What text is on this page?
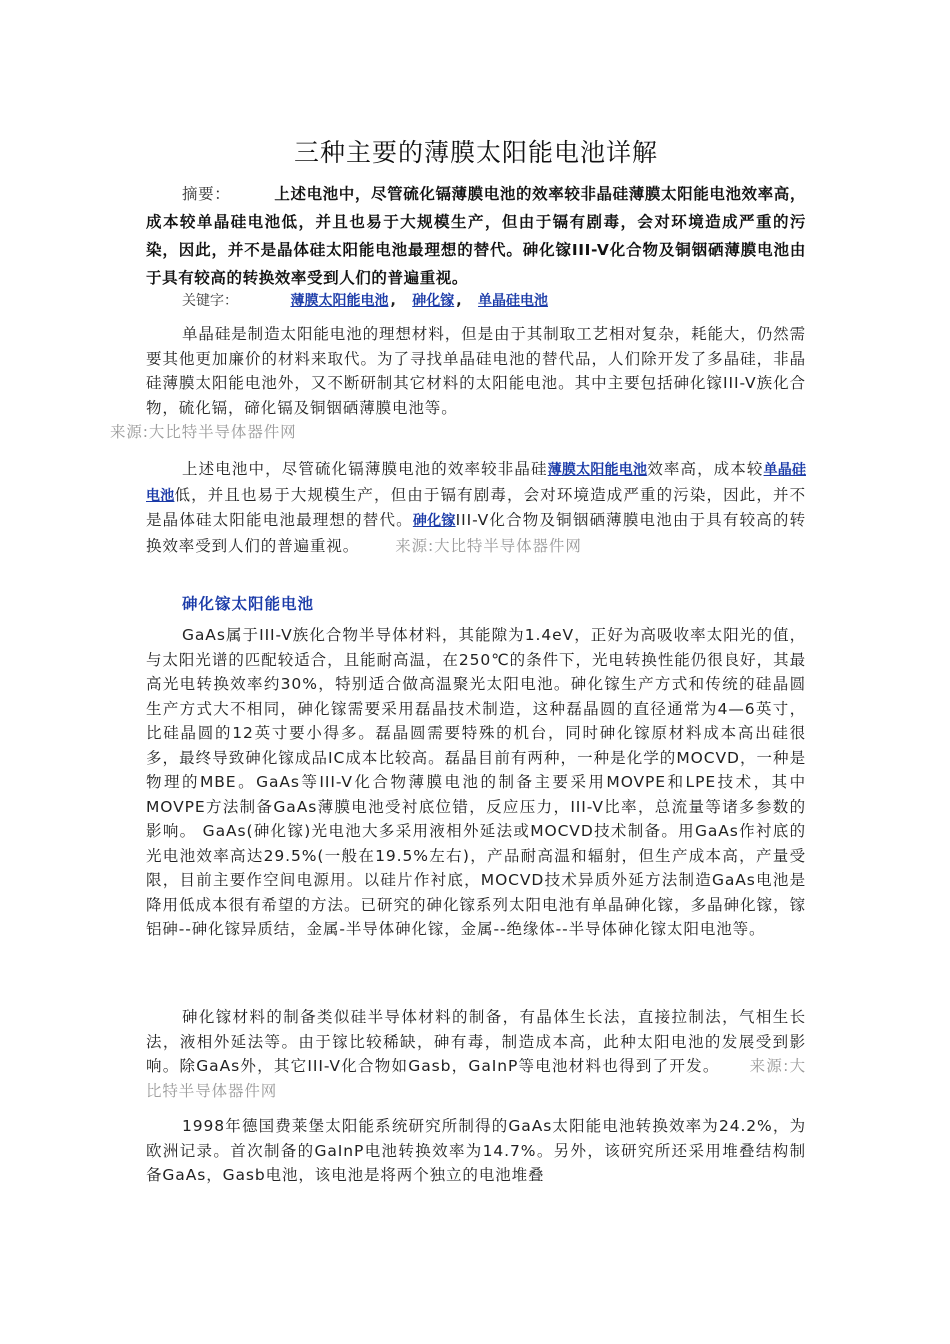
三种主要的薄膜太阳能电池详解

摘要：	上述电池中，尽管硫化镉薄膜电池的效率较非晶硅薄膜太阳能电池效率高，成本较单晶硅电池低，并且也易于大规模生产，但由于镉有剧毒，会对环境造成严重的污染，因此，并不是晶体硅太阳能电池最理想的替代。砷化镓III-V化合物及铜铟硒薄膜电池由于具有较高的转换效率受到人们的普遍重视。

关键字：	薄膜太阳能电池 , 砷化镓 , 单晶硅电池

单晶硅是制造太阳能电池的理想材料，但是由于其制取工艺相对复杂，耗能大，仍然需要其他更加廉价的材料来取代。为了寻找单晶硅电池的替代品，人们除开发了多晶硅，非晶硅薄膜太阳能电池外，又不断研制其它材料的太阳能电池。其中主要包括砷化镓III-V族化合物，硫化镉，碲化镉及铜铟硒薄膜电池等。
来源:大比特半导体器件网

上述电池中，尽管硫化镉薄膜电池的效率较非晶硅薄膜太阳能电池效率高，成本较单晶硅电池低，并且也易于大规模生产，但由于镉有剧毒，会对环境造成严重的污染，因此，并不是晶体硅太阳能电池最理想的替代。砷化镓III-V化合物及铜铟硒薄膜电池由于具有较高的转换效率受到人们的普遍重视。 来源:大比特半导体器件网

砷化镓太阳能电池

GaAs属于III-V族化合物半导体材料，其能隙为1.4eV，正好为高吸收率太阳光的值，与太阳光谱的匹配较适合，且能耐高温，在250℃的条件下，光电转换性能仍很良好，其最高光电转换效率约30%，特别适合做高温聚光太阳电池。砷化镓生产方式和传统的硅晶圆生产方式大不相同，砷化镓需要采用磊晶技术制造，这种磊晶圆的直径通常为4—6英寸，比硅晶圆的12英寸要小得多。磊晶圆需要特殊的机台，同时砷化镓原材料成本高出硅很多，最终导致砷化镓成品IC成本比较高。磊晶目前有两种，一种是化学的MOCVD，一种是物理的MBE。GaAs等III-V化合物薄膜电池的制备主要采用MOVPE和LPE技术，其中MOVPE方法制备GaAs薄膜电池受衬底位错，反应压力，III-V比率，总流量等诸多参数的影响。 GaAs(砷化镓)光电池大多采用液相外延法或MOCVD技术制备。用GaAs作衬底的光电池效率高达29.5%(一般在19.5%左右)，产品耐高温和辐射，但生产成本高，产量受限，目前主要作空间电源用。以硅片作衬底，MOCVD技术异质外延方法制造GaAs电池是降用低成本很有希望的方法。已研究的砷化镓系列太阳电池有单晶砷化镓，多晶砷化镓，镓铝砷--砷化镓异质结，金属-半导体砷化镓，金属--绝缘体--半导体砷化镓太阳电池等。

砷化镓材料的制备类似硅半导体材料的制备，有晶体生长法，直接拉制法，气相生长法，液相外延法等。由于镓比较稀缺，砷有毒，制造成本高，此种太阳电池的发展受到影响。除GaAs外，其它III-V化合物如Gasb，GaInP等电池材料也得到了开发。 来源:大比特半导体器件网

1998年德国费莱堡太阳能系统研究所制得的GaAs太阳能电池转换效率为24.2%，为欧洲记录。首次制备的GaInP电池转换效率为14.7%。另外，该研究所还采用堆叠结构制备GaAs，Gasb电池，该电池是将两个独立的电池堆叠
